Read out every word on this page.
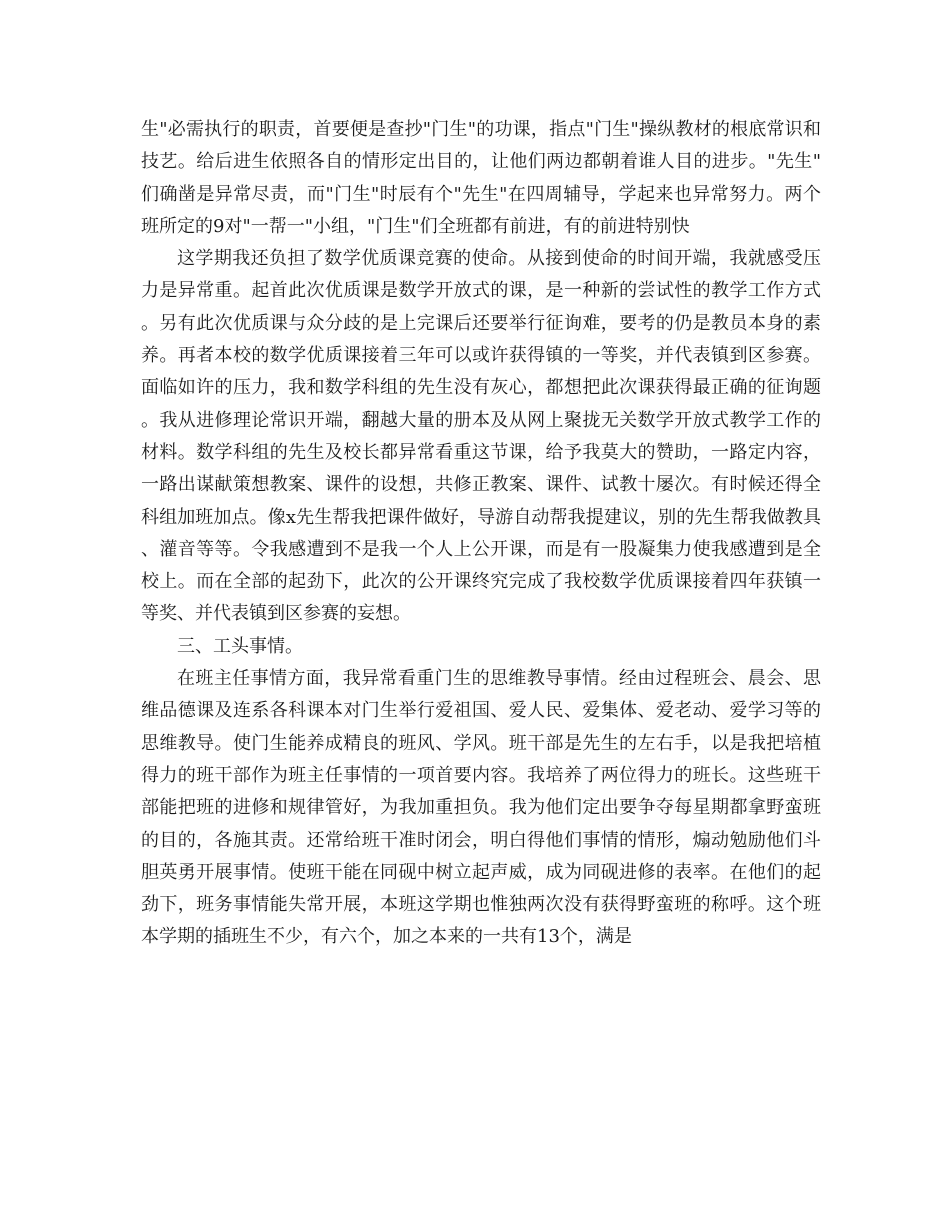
生"必需执行的职责，首要便是查抄"门生"的功课，指点"门生"操纵教材的根底常识和技艺。给后进生依照各自的情形定出目的，让他们两边都朝着谁人目的进步。"先生"们确凿是异常尽责，而"门生"时辰有个"先生"在四周辅导，学起来也异常努力。两个班所定的9对"一帮一"小组，"门生"们全班都有前进，有的前进特别快

这学期我还负担了数学优质课竞赛的使命。从接到使命的时间开端，我就感受压力是异常重。起首此次优质课是数学开放式的课，是一种新的尝试性的教学工作方式。另有此次优质课与众分歧的是上完课后还要举行征询难，要考的仍是教员本身的素养。再者本校的数学优质课接着三年可以或许获得镇的一等奖，并代表镇到区参赛。面临如许的压力，我和数学科组的先生没有灰心，都想把此次课获得最正确的征询题。我从进修理论常识开端，翻越大量的册本及从网上聚拢无关数学开放式教学工作的材料。数学科组的先生及校长都异常看重这节课，给予我莫大的赞助，一路定内容，一路出谋献策想教案、课件的设想，共修正教案、课件、试教十屡次。有时候还得全科组加班加点。像x先生帮我把课件做好，导游自动帮我提建议，别的先生帮我做教具、灌音等等。令我感遭到不是我一个人上公开课，而是有一股凝集力使我感遭到是全校上。而在全部的起劲下，此次的公开课终究完成了我校数学优质课接着四年获镇一等奖、并代表镇到区参赛的妄想。

三、工头事情。

在班主任事情方面，我异常看重门生的思维教导事情。经由过程班会、晨会、思维品德课及连系各科课本对门生举行爱祖国、爱人民、爱集体、爱老动、爱学习等的思维教导。使门生能养成精良的班风、学风。班干部是先生的左右手，以是我把培植得力的班干部作为班主任事情的一项首要内容。我培养了两位得力的班长。这些班干部能把班的进修和规律管好，为我加重担负。我为他们定出要争夺每星期都拿野蛮班的目的，各施其责。还常给班干准时闭会，明白得他们事情的情形，煽动勉励他们斗胆英勇开展事情。使班干能在同砚中树立起声威，成为同砚进修的表率。在他们的起劲下，班务事情能失常开展，本班这学期也惟独两次没有获得野蛮班的称呼。这个班本学期的插班生不少，有六个，加之本来的一共有13个，满是
